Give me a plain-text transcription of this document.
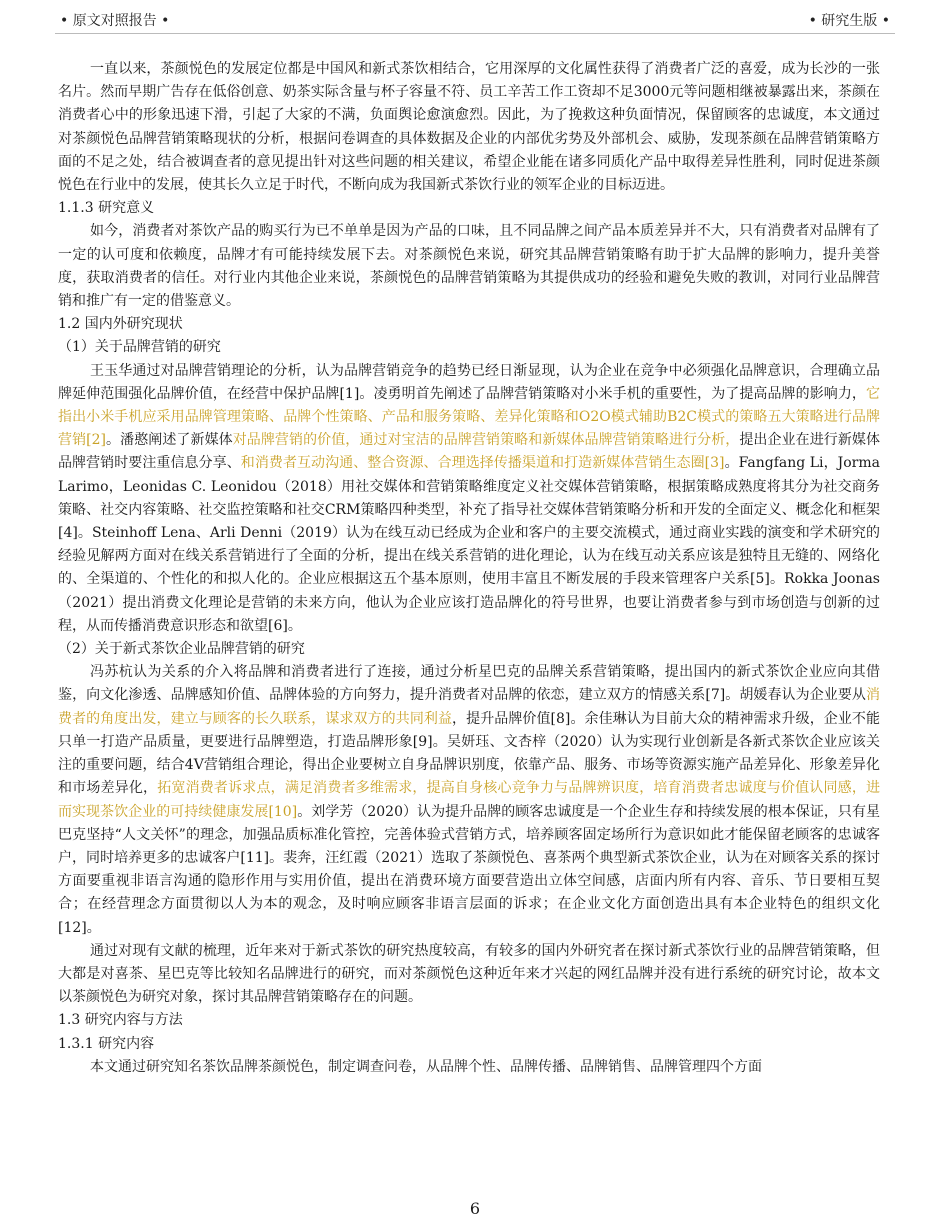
• 原文对照报告 •	• 研究生版 •

一直以来，茶颜悦色的发展定位都是中国风和新式茶饮相结合，它用深厚的文化属性获得了消费者广泛的喜爱，成为长沙的一张名片。然而早期广告存在低俗创意、奶茶实际含量与杯子容量不符、员工辛苦工作工资却不足3000元等问题相继被暴露出来，茶颜在消费者心中的形象迅速下滑，引起了大家的不满，负面舆论愈演愈烈。因此，为了挽救这种负面情况，保留顾客的忠诚度，本文通过对茶颜悦色品牌营销策略现状的分析，根据问卷调查的具体数据及企业的内部优劣势及外部机会、威胁，发现茶颜在品牌营销策略方面的不足之处，结合被调查者的意见提出针对这些问题的相关建议，希望企业能在诸多同质化产品中取得差异性胜利，同时促进茶颜悦色在行业中的发展，使其长久立足于时代，不断向成为我国新式茶饮行业的领军企业的目标迈进。

1.1.3 研究意义

如今，消费者对茶饮产品的购买行为已不单单是因为产品的口味，且不同品牌之间产品本质差异并不大，只有消费者对品牌有了一定的认可度和依赖度，品牌才有可能持续发展下去。对茶颜悦色来说，研究其品牌营销策略有助于扩大品牌的影响力，提升美誉度，获取消费者的信任。对行业内其他企业来说，茶颜悦色的品牌营销策略为其提供成功的经验和避免失败的教训，对同行业品牌营销和推广有一定的借鉴意义。

1.2 国内外研究现状

（1）关于品牌营销的研究

王玉华通过对品牌营销理论的分析，认为品牌营销竞争的趋势已经日渐显现，认为企业在竞争中必须强化品牌意识，合理确立品牌延伸范围强化品牌价值，在经营中保护品牌[1]。凌勇明首先阐述了品牌营销策略对小米手机的重要性，为了提高品牌的影响力，它指出小米手机应采用品牌管理策略、品牌个性策略、产品和服务策略、差异化策略和O2O模式辅助B2C模式的策略五大策略进行品牌营销[2]。潘憨阐述了新媒体对品牌营销的价值，通过对宝洁的品牌营销策略和新媒体品牌营销策略进行分析，提出企业在进行新媒体品牌营销时要注重信息分享、和消费者互动沟通、整合资源、合理选择传播渠道和打造新媒体营销生态圈[3]。Fangfang Li，Jorma Larimo，Leonidas C. Leonidou（2018）用社交媒体和营销策略维度定义社交媒体营销策略，根据策略成熟度将其分为社交商务策略、社交内容策略、社交监控策略和社交CRM策略四种类型，补充了指导社交媒体营销策略分析和开发的全面定义、概念化和框架[4]。Steinhoff Lena、Arli Denni（2019）认为在线互动已经成为企业和客户的主要交流模式，通过商业实践的演变和学术研究的经验见解两方面对在线关系营销进行了全面的分析，提出在线关系营销的进化理论，认为在线互动关系应该是独特且无缝的、网络化的、全渠道的、个性化的和拟人化的。企业应根据这五个基本原则，使用丰富且不断发展的手段来管理客户关系[5]。Rokka Joonas（2021）提出消费文化理论是营销的未来方向，他认为企业应该打造品牌化的符号世界，也要让消费者参与到市场创造与创新的过程，从而传播消费意识形态和欲望[6]。

（2）关于新式茶饮企业品牌营销的研究

冯苏杭认为关系的介入将品牌和消费者进行了连接，通过分析星巴克的品牌关系营销策略，提出国内的新式茶饮企业应向其借鉴，向文化渗透、品牌感知价值、品牌体验的方向努力，提升消费者对品牌的依恋，建立双方的情感关系[7]。胡媛春认为企业要从消费者的角度出发，建立与顾客的长久联系，谋求双方的共同利益，提升品牌价值[8]。余佳琳认为目前大众的精神需求升级，企业不能只单一打造产品质量，更要进行品牌塑造，打造品牌形象[9]。吴妍珏、文杏梓（2020）认为实现行业创新是各新式茶饮企业应该关注的重要问题，结合4V营销组合理论，得出企业要树立自身品牌识别度，依靠产品、服务、市场等资源实施产品差异化、形象差异化和市场差异化，拓宽消费者诉求点，满足消费者多维需求，提高自身核心竞争力与品牌辨识度，培育消费者忠诚度与价值认同感，进而实现茶饮企业的可持续健康发展[10]。刘学芳（2020）认为提升品牌的顾客忠诚度是一个企业生存和持续发展的根本保证，只有星巴克坚持“人文关怀”的理念，加强品质标准化管控，完善体验式营销方式，培养顾客固定场所行为意识如此才能保留老顾客的忠诚客户，同时培养更多的忠诚客户[11]。裴奔，汪红霞（2021）选取了茶颜悦色、喜茶两个典型新式茶饮企业，认为在对顾客关系的探讨方面要重视非语言沟通的隐形作用与实用价值，提出在消费环境方面要营造出立体空间感，店面内所有内容、音乐、节日要相互契合；在经营理念方面贯彻以人为本的观念，及时响应顾客非语言层面的诉求；在企业文化方面创造出具有本企业特色的组织文化[12]。

通过对现有文献的梳理，近年来对于新式茶饮的研究热度较高，有较多的国内外研究者在探讨新式茶饮行业的品牌营销策略，但大都是对喜茶、星巴克等比较知名品牌进行的研究，而对茶颜悦色这种近年来才兴起的网红品牌并没有进行系统的研究讨论，故本文以茶颜悦色为研究对象，探讨其品牌营销策略存在的问题。

1.3 研究内容与方法

1.3.1 研究内容

本文通过研究知名茶饮品牌茶颜悦色，制定调查问卷，从品牌个性、品牌传播、品牌销售、品牌管理四个方面

6
